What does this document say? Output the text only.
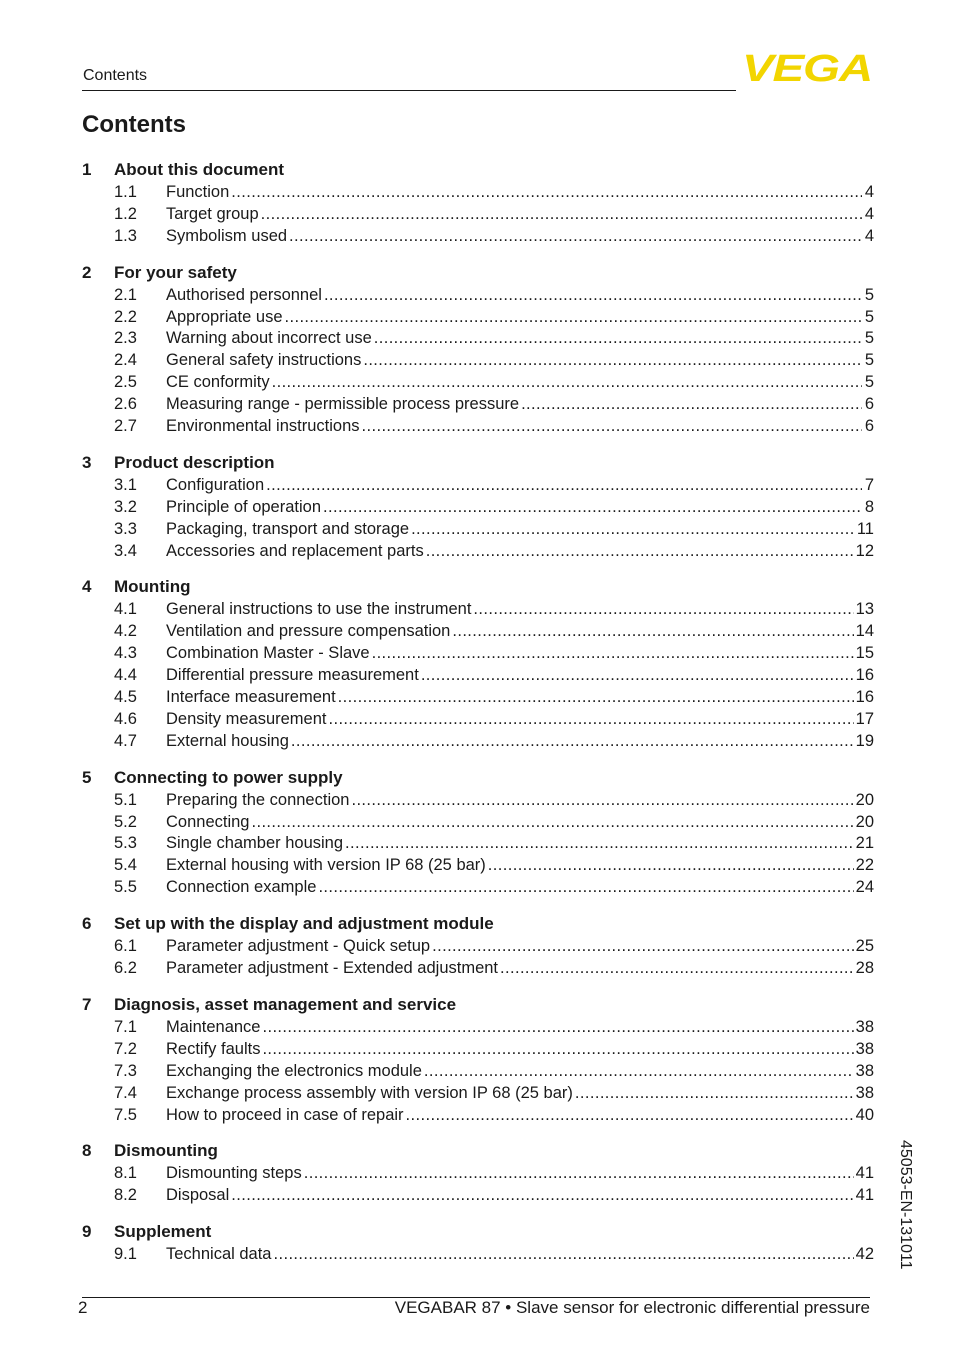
Contents	VEGA
Contents
1	About this document
1.1	Function .....	4
1.2	Target group .....	4
1.3	Symbolism used .....	4
2	For your safety
2.1	Authorised personnel .....	5
2.2	Appropriate use .....	5
2.3	Warning about incorrect use .....	5
2.4	General safety instructions .....	5
2.5	CE conformity .....	5
2.6	Measuring range - permissible process pressure .....	6
2.7	Environmental instructions .....	6
3	Product description
3.1	Configuration .....	7
3.2	Principle of operation .....	8
3.3	Packaging, transport and storage .....	11
3.4	Accessories and replacement parts .....	12
4	Mounting
4.1	General instructions to use the instrument .....	13
4.2	Ventilation and pressure compensation .....	14
4.3	Combination Master - Slave .....	15
4.4	Differential pressure measurement .....	16
4.5	Interface measurement .....	16
4.6	Density measurement .....	17
4.7	External housing .....	19
5	Connecting to power supply
5.1	Preparing the connection .....	20
5.2	Connecting .....	20
5.3	Single chamber housing .....	21
5.4	External housing with version IP 68 (25 bar) .....	22
5.5	Connection example .....	24
6	Set up with the display and adjustment module
6.1	Parameter adjustment - Quick setup .....	25
6.2	Parameter adjustment - Extended adjustment .....	28
7	Diagnosis, asset management and service
7.1	Maintenance .....	38
7.2	Rectify faults .....	38
7.3	Exchanging the electronics module .....	38
7.4	Exchange process assembly with version IP 68 (25 bar) .....	38
7.5	How to proceed in case of repair .....	40
8	Dismounting
8.1	Dismounting steps .....	41
8.2	Disposal .....	41
9	Supplement
9.1	Technical data .....	42 45053-EN-131011
2	VEGABAR 87 • Slave sensor for electronic differential pressure
